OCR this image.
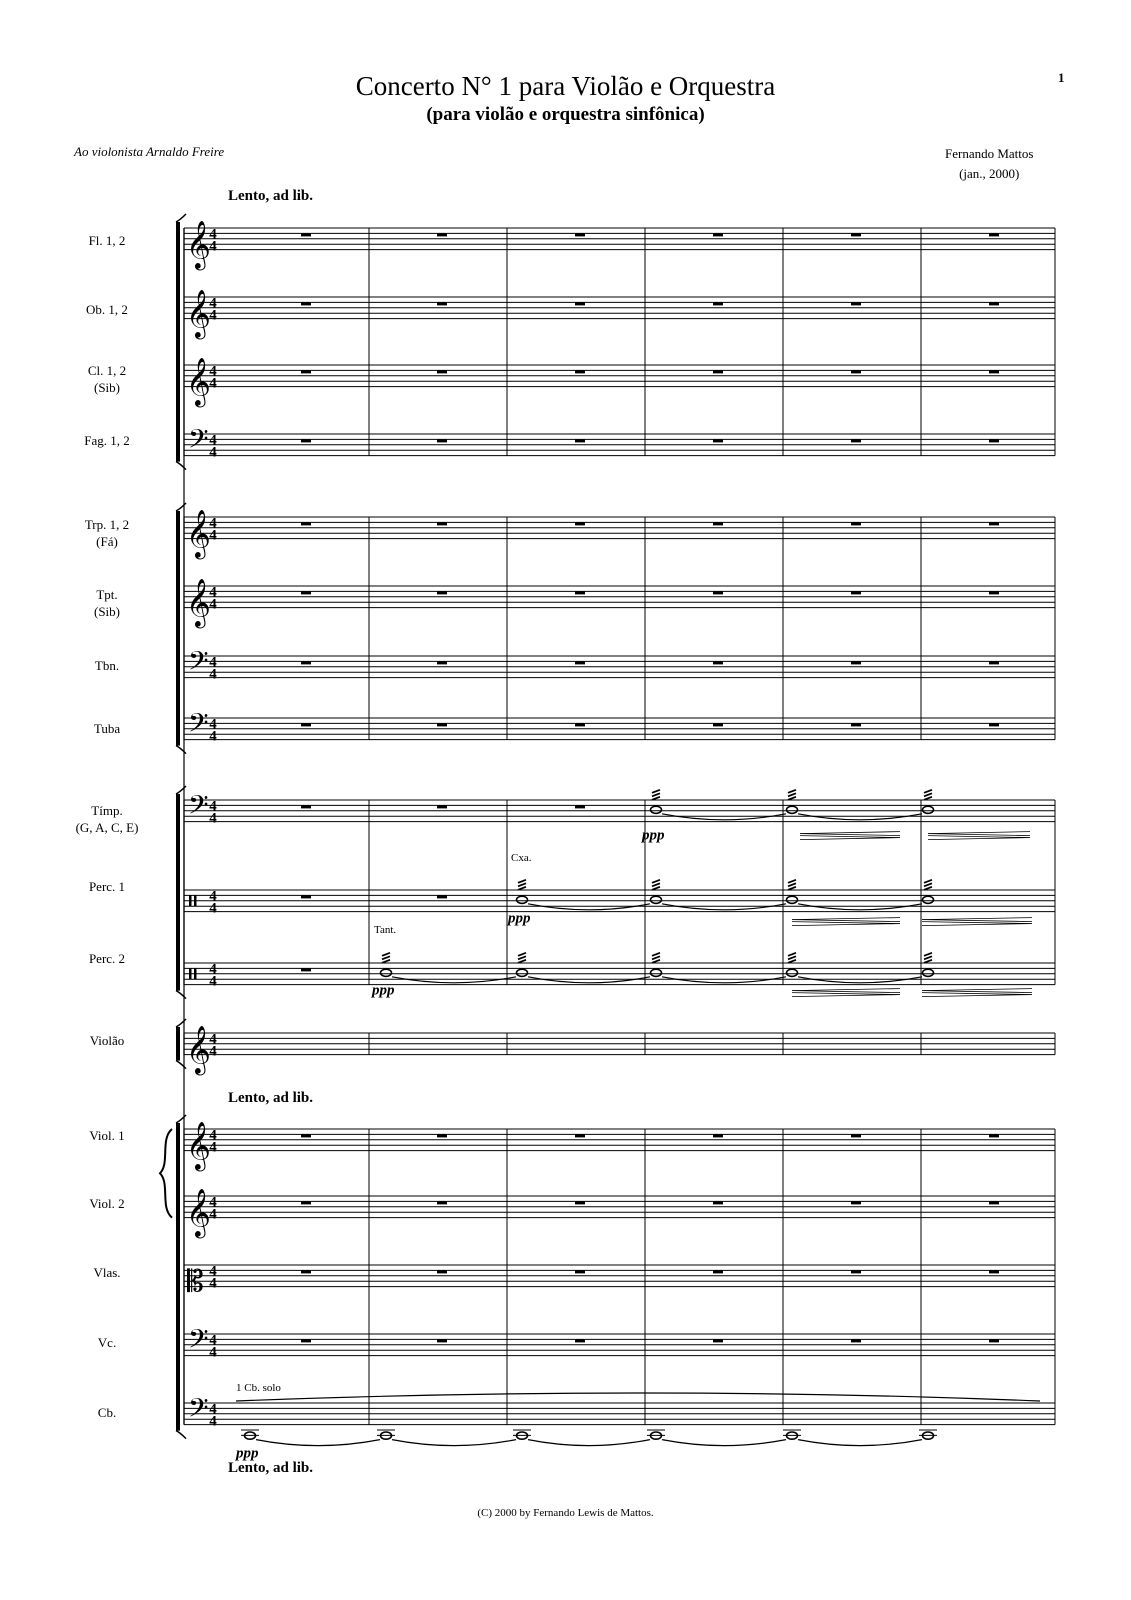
1
Concerto N° 1 para Violão e Orquestra
(para violão e orquestra sinfônica)
Ao violonista Arnaldo Freire	Fernando Mattos
(jan., 2000)
Lento, ad lib.
Lento, ad lib.
Lento, ad lib.
Fl. 1, 2
Ob. 1, 2
Cl. 1, 2
(Sib)
Fag. 1, 2
Trp. 1, 2
(Fá)
Tpt.
(Sib)
Tbn.
Tuba
Tímp.
(G, A, C, E)
Perc. 1
Perc. 2
Violão
Viol. 1
Viol. 2
Vlas.
Vc.
Cb.
Cxa.
Tant.
1 Cb. solo
(C) 2000 by Fernando Lewis de Mattos.
𝄞
4
4
𝄞
4
4
𝄞
4
4
𝄢 4
4
𝄞
4
4
𝄞
4
4
𝄢 4
4
𝄢 4
4
𝄢 4
4
4
4
4
4
𝄞
4
4
𝄞
4
4
𝄞
4
4
𝄡 4
4
𝄢 4
4
𝄢 4
4
ppp
ppp
ppp
ppp
